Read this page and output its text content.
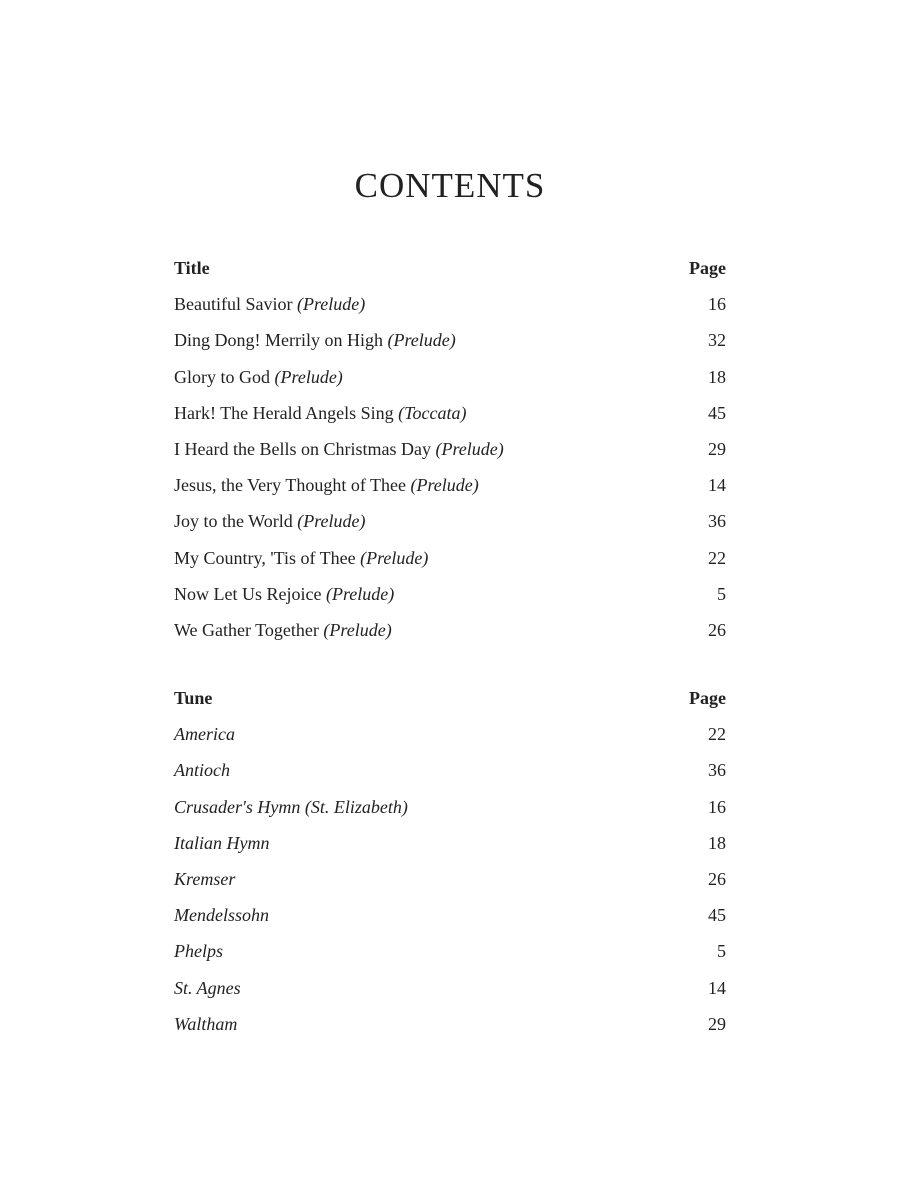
CONTENTS
Title	Page
Beautiful Savior (Prelude)	16
Ding Dong! Merrily on High (Prelude)	32
Glory to God (Prelude)	18
Hark! The Herald Angels Sing (Toccata)	45
I Heard the Bells on Christmas Day (Prelude)	29
Jesus, the Very Thought of Thee (Prelude)	14
Joy to the World (Prelude)	36
My Country, 'Tis of Thee (Prelude)	22
Now Let Us Rejoice (Prelude)	5
We Gather Together (Prelude)	26
Tune	Page
America	22
Antioch	36
Crusader's Hymn (St. Elizabeth)	16
Italian Hymn	18
Kremser	26
Mendelssohn	45
Phelps	5
St. Agnes	14
Waltham	29
